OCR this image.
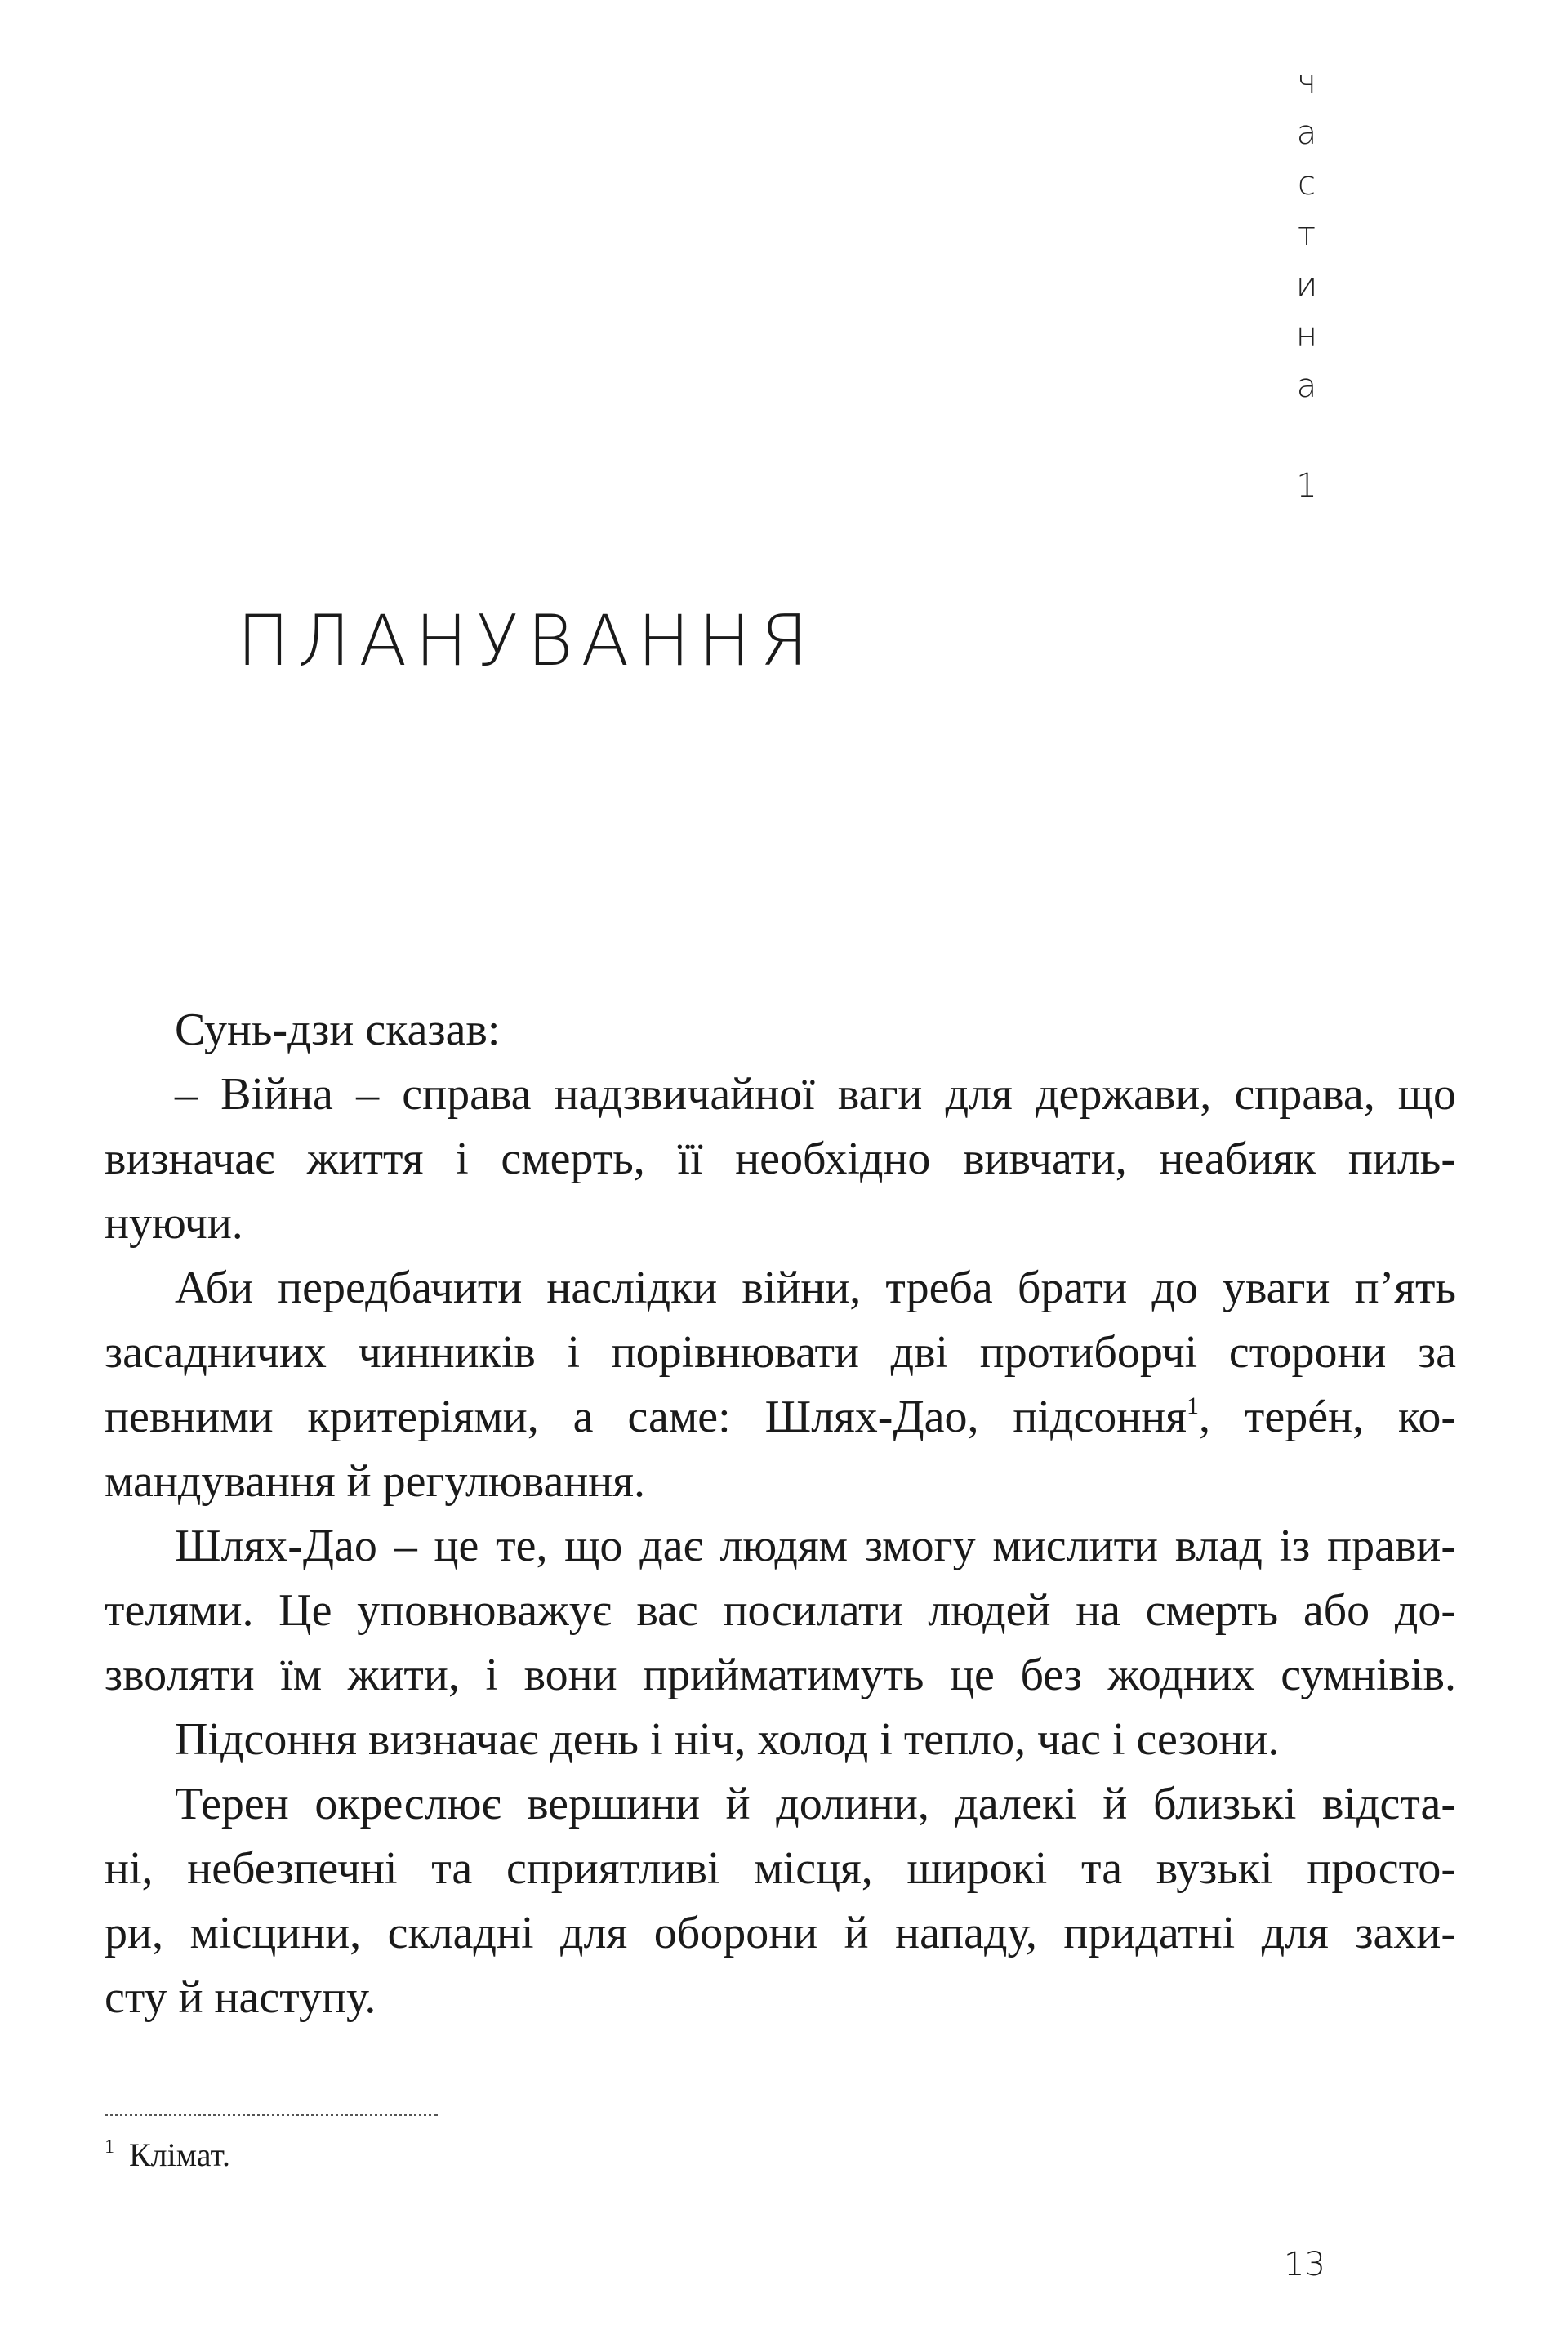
ч
а
с
т
и
н
а
1
ПЛАНУВАННЯ
Сунь-дзи сказав:
– Війна – справа надзвичайної ваги для держави, справа, що
визначає життя і смерть, її необхідно вивчати, неабияк пиль-
нуючи.
Аби передбачити наслідки війни, треба брати до уваги п’ять
засадничих чинників і порівнювати дві протиборчі сторони за
певними критеріями, а саме: Шлях-Дао, підсоння$^1$, терéн, ко-
мандування й регулювання.
Шлях-Дао – це те, що дає людям змогу мислити влад із прави-
телями. Це уповноважує вас посилати людей на смерть або до-
зволяти їм жити, і вони прийматимуть це без жодних сумнівів.
Підсоння визначає день і ніч, холод і тепло, час і сезони.
Терен окреслює вершини й долини, далекі й близькі відста-
ні, небезпечні та сприятливі місця, широкі та вузькі просто-
ри, місцини, складні для оборони й нападу, придатні для захи-
сту й наступу.
$^1$ Клімат.
13
